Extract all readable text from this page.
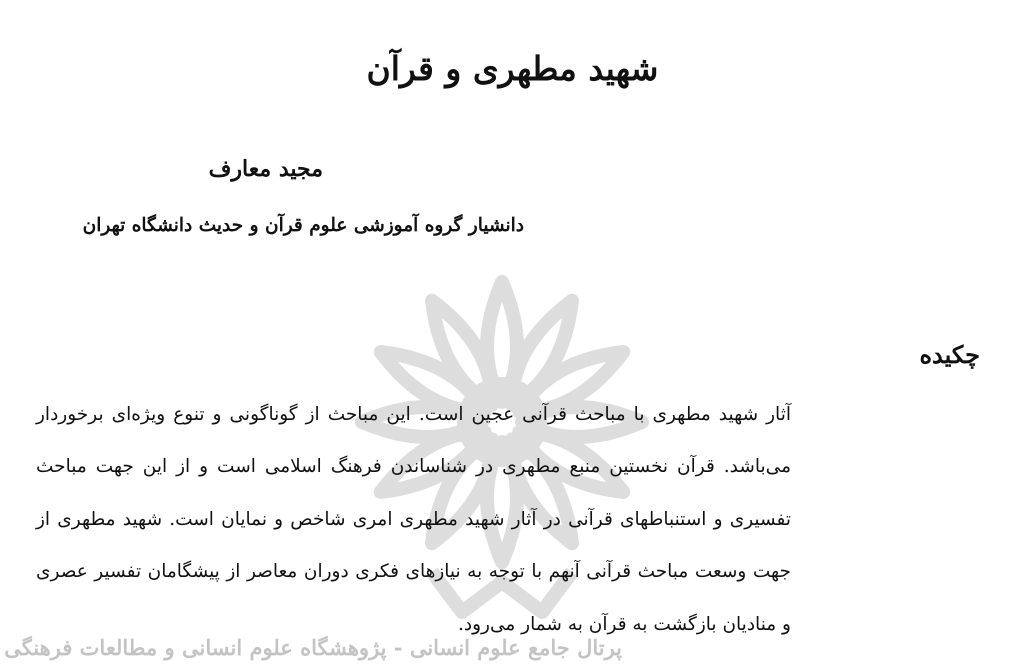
شهید مطهری و قرآن
مجید معارف
دانشیار گروه آموزشی علوم قرآن و حدیث دانشگاه تهران
چکیده

آثار شهید مطهری با مباحث قرآنی عجین است. این مباحث از گوناگونی و تنوع ویژه‌ای برخوردار می‌باشد. قرآن نخستین منبع مطهری در شناساندن فرهنگ اسلامی است و از این جهت مباحث تفسیری و استنباطهای قرآنی در آثار شهید مطهری امری شاخص و نمایان است. شهید مطهری از جهت وسعت مباحث قرآنی آنهم با توجه به نیازهای فکری دوران معاصر از پیشگامان تفسیر عصری و منادیان بازگشت به قرآن به شمار می‌رود.

پرتال جامع علوم انسانی - پژوهشگاه علوم انسانی و مطالعات فرهنگی
